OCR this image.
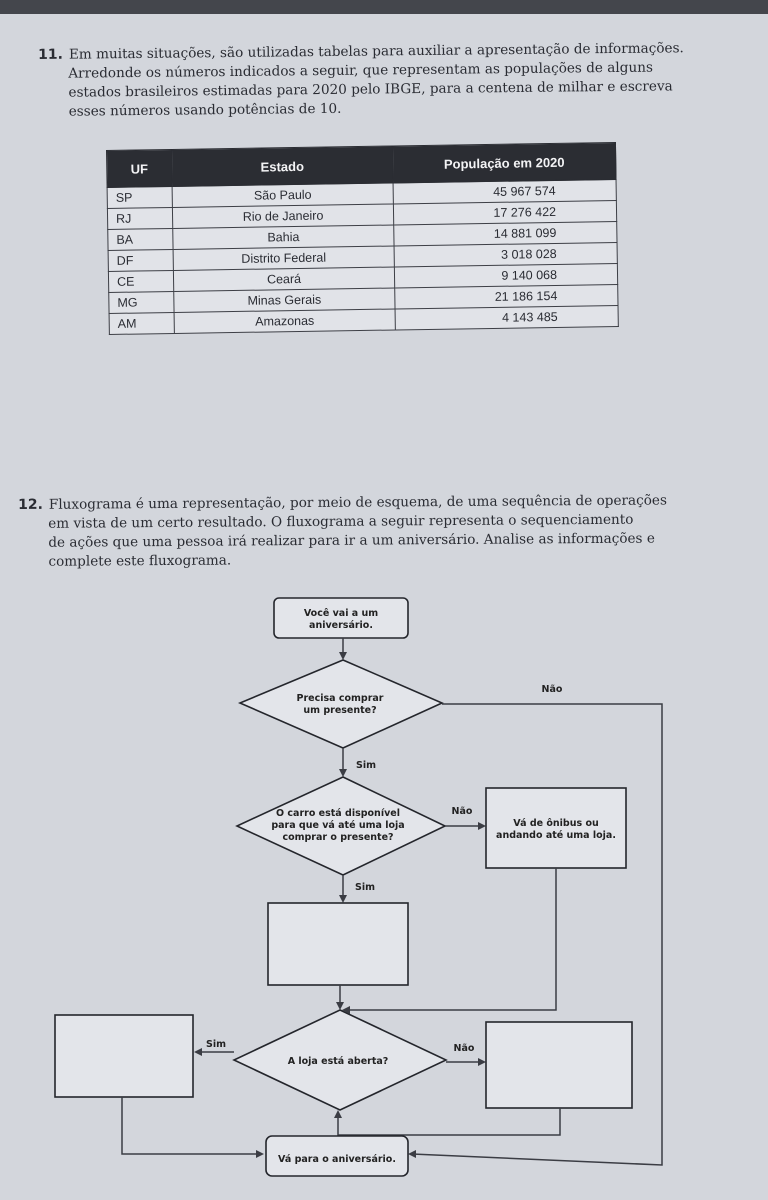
11. Em muitas situações, são utilizadas tabelas para auxiliar a apresentação de informações.
Arredonde os números indicados a seguir, que representam as populações de alguns
estados brasileiros estimadas para 2020 pelo IBGE, para a centena de milhar e escreva
esses números usando potências de 10.
UF	Estado	População em 2020
SP	São Paulo	45 967 574
RJ	Rio de Janeiro	17 276 422
BA	Bahia	14 881 099
DF	Distrito Federal	3 018 028
CE	Ceará	9 140 068
MG	Minas Gerais	21 186 154
AM	Amazonas	4 143 485
12. Fluxograma é uma representação, por meio de esquema, de uma sequência de operações
em vista de um certo resultado. O fluxograma a seguir representa o sequenciamento
de ações que uma pessoa irá realizar para ir a um aniversário. Analise as informações e
complete este fluxograma.
Você vai a um
aniversário.
Precisa comprar
um presente?
Não
Sim
O carro está disponível
para que vá até uma loja
comprar o presente?
Não
Vá de ônibus ou
andando até uma loja.
Sim
A loja está aberta?
Sim	Não
Vá para o aniversário.
